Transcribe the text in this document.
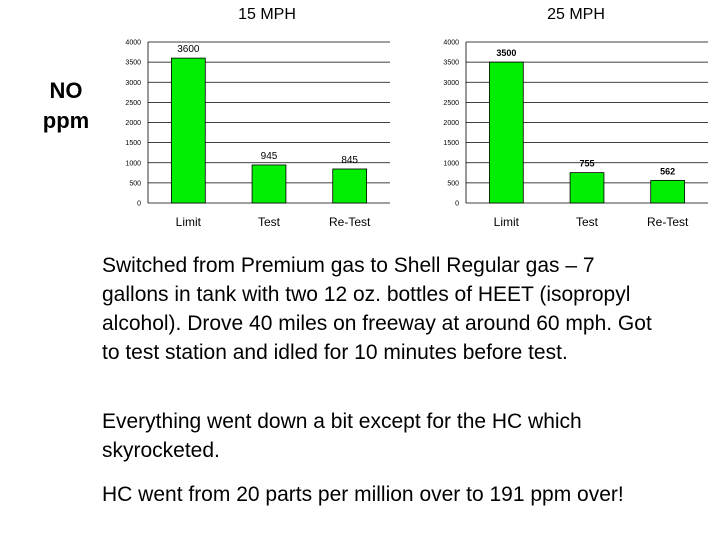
NO
ppm
15 MPH	25 MPH
0
500
1000
1500
2000
2500
3000
3500
4000
3600
Limit
945
Test
845
Re-Test
0
500
1000
1500
2000
2500
3000
3500
4000
3500
Limit
755
Test
562
Re-Test

Switched from Premium gas to Shell Regular gas – 7 gallons in tank with two 12 oz. bottles of HEET (isopropyl alcohol). Drove 40 miles on freeway at around 60 mph. Got to test station and idled for 10 minutes before test.

Everything went down a bit except for the HC which skyrocketed.

HC went from 20 parts per million over to 191 ppm over!
